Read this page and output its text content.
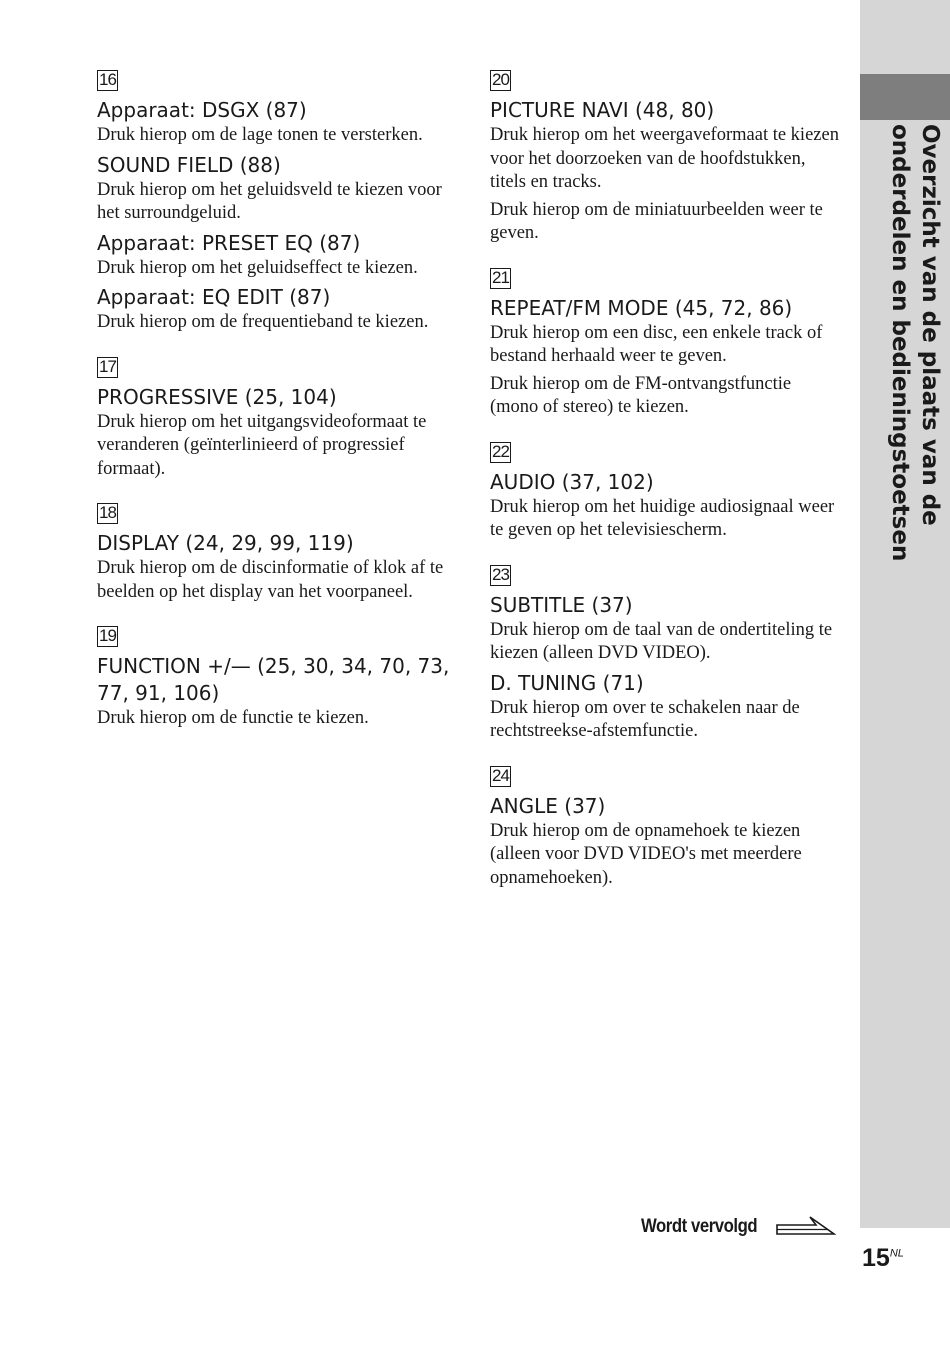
Overzicht van de plaats van de onderdelen en bedieningstoetsen
16

Apparaat: DSGX (87)

Druk hierop om de lage tonen te versterken.

SOUND FIELD (88)

Druk hierop om het geluidsveld te kiezen voor het surroundgeluid.

Apparaat: PRESET EQ (87)

Druk hierop om het geluidseffect te kiezen.

Apparaat: EQ EDIT (87)

Druk hierop om de frequentieband te kiezen.

17

PROGRESSIVE (25, 104)

Druk hierop om het uitgangsvideoformaat te veranderen (geïnterlinieerd of progressief formaat).

18

DISPLAY (24, 29, 99, 119)

Druk hierop om de discinformatie of klok af te beelden op het display van het voorpaneel.

19

FUNCTION +/— (25, 30, 34, 70, 73, 77, 91, 106)

Druk hierop om de functie te kiezen.

20

PICTURE NAVI (48, 80)

Druk hierop om het weergaveformaat te kiezen voor het doorzoeken van de hoofdstukken, titels en tracks.

Druk hierop om de miniatuurbeelden weer te geven.

21

REPEAT/FM MODE (45, 72, 86)

Druk hierop om een disc, een enkele track of bestand herhaald weer te geven.

Druk hierop om de FM-ontvangstfunctie (mono of stereo) te kiezen.

22

AUDIO (37, 102)

Druk hierop om het huidige audiosignaal weer te geven op het televisiescherm.

23

SUBTITLE (37)

Druk hierop om de taal van de ondertiteling te kiezen (alleen DVD VIDEO).

D. TUNING (71)

Druk hierop om over te schakelen naar de rechtstreekse-afstemfunctie.

24

ANGLE (37)

Druk hierop om de opnamehoek te kiezen (alleen voor DVD VIDEO's met meerdere opnamehoeken).

Wordt vervolgd
$15^{NL}$
